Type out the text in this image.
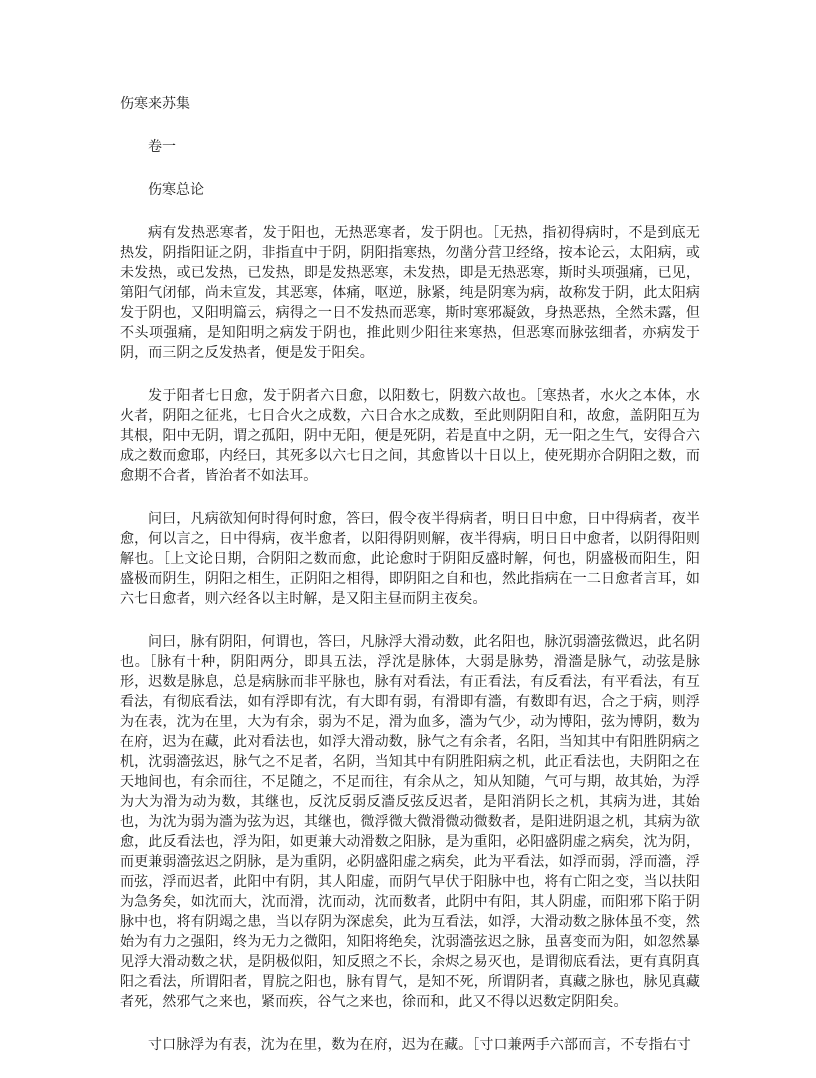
伤寒来苏集
卷一
伤寒总论

病有发热恶寒者，发于阳也，无热恶寒者，发于阴也。［无热，指初得病时，不是到底无热发，阴指阳证之阴，非指直中于阴，阴阳指寒热，勿凿分营卫经络，按本论云，太阳病，或未发热，或已发热，已发热，即是发热恶寒，未发热，即是无热恶寒，斯时头项强痛，已见，第阳气闭郁，尚未宣发，其恶寒，体痛，呕逆，脉紧，纯是阴寒为病，故称发于阴，此太阳病发于阴也，又阳明篇云，病得之一日不发热而恶寒，斯时寒邪凝敛，身热恶热，全然未露，但不头项强痛，是知阳明之病发于阴也，推此则少阳往来寒热，但恶寒而脉弦细者，亦病发于阴，而三阴之反发热者，便是发于阳矣。

发于阳者七日愈，发于阴者六日愈，以阳数七，阴数六故也。［寒热者，水火之本体，水火者，阴阳之征兆，七日合火之成数，六日合水之成数，至此则阴阳自和，故愈，盖阴阳互为其根，阳中无阴，谓之孤阳，阴中无阳，便是死阴，若是直中之阴，无一阳之生气，安得合六成之数而愈耶，内经曰，其死多以六七日之间，其愈皆以十日以上，使死期亦合阴阳之数，而愈期不合者，皆治者不如法耳。

问曰，凡病欲知何时得何时愈，答曰，假令夜半得病者，明日日中愈，日中得病者，夜半愈，何以言之，日中得病，夜半愈者，以阳得阴则解，夜半得病，明日日中愈者，以阴得阳则解也。［上文论日期，合阴阳之数而愈，此论愈时于阴阳反盛时解，何也，阴盛极而阳生，阳盛极而阴生，阴阳之相生，正阴阳之相得，即阴阳之自和也，然此指病在一二日愈者言耳，如六七日愈者，则六经各以主时解，是又阳主昼而阴主夜矣。

问曰，脉有阴阳，何谓也，答曰，凡脉浮大滑动数，此名阳也，脉沉弱濇弦微迟，此名阴也。［脉有十种，阴阳两分，即具五法，浮沈是脉体，大弱是脉势，滑濇是脉气，动弦是脉形，迟数是脉息，总是病脉而非平脉也，脉有对看法，有正看法，有反看法，有平看法，有互看法，有彻底看法，如有浮即有沈，有大即有弱，有滑即有濇，有数即有迟，合之于病，则浮为在表，沈为在里，大为有余，弱为不足，滑为血多，濇为气少，动为博阳，弦为博阴，数为在府，迟为在藏，此对看法也，如浮大滑动数，脉气之有余者，名阳，当知其中有阳胜阴病之机，沈弱濇弦迟，脉气之不足者，名阴，当知其中有阴胜阳病之机，此正看法也，夫阴阳之在天地间也，有余而往，不足随之，不足而往，有余从之，知从知随，气可与期，故其始，为浮为大为滑为动为数，其继也，反沈反弱反濇反弦反迟者，是阳消阴长之机，其病为进，其始也，为沈为弱为濇为弦为迟，其继也，微浮微大微滑微动微数者，是阳进阴退之机，其病为欲愈，此反看法也，浮为阳，如更兼大动滑数之阳脉，是为重阳，必阳盛阴虚之病矣，沈为阴，而更兼弱濇弦迟之阴脉，是为重阴，必阴盛阳虚之病矣，此为平看法，如浮而弱，浮而濇，浮而弦，浮而迟者，此阳中有阴，其人阳虚，而阴气早伏于阳脉中也，将有亡阳之变，当以扶阳为急务矣，如沈而大，沈而滑，沈而动，沈而数者，此阴中有阳，其人阴虚，而阳邪下陷于阴脉中也，将有阴竭之患，当以存阴为深虑矣，此为互看法，如浮，大滑动数之脉体虽不变，然始为有力之强阳，终为无力之微阳，知阳将绝矣，沈弱濇弦迟之脉，虽喜变而为阳，如忽然暴见浮大滑动数之状，是阴极似阳，知反照之不长，余烬之易灭也，是谓彻底看法，更有真阴真阳之看法，所谓阳者，胃脘之阳也，脉有胃气，是知不死，所谓阴者，真藏之脉也，脉见真藏者死，然邪气之来也，紧而疾，谷气之来也，徐而和，此又不得以迟数定阴阳矣。

寸口脉浮为有表，沈为在里，数为在府，迟为在藏。［寸口兼两手六部而言，不专指右寸
